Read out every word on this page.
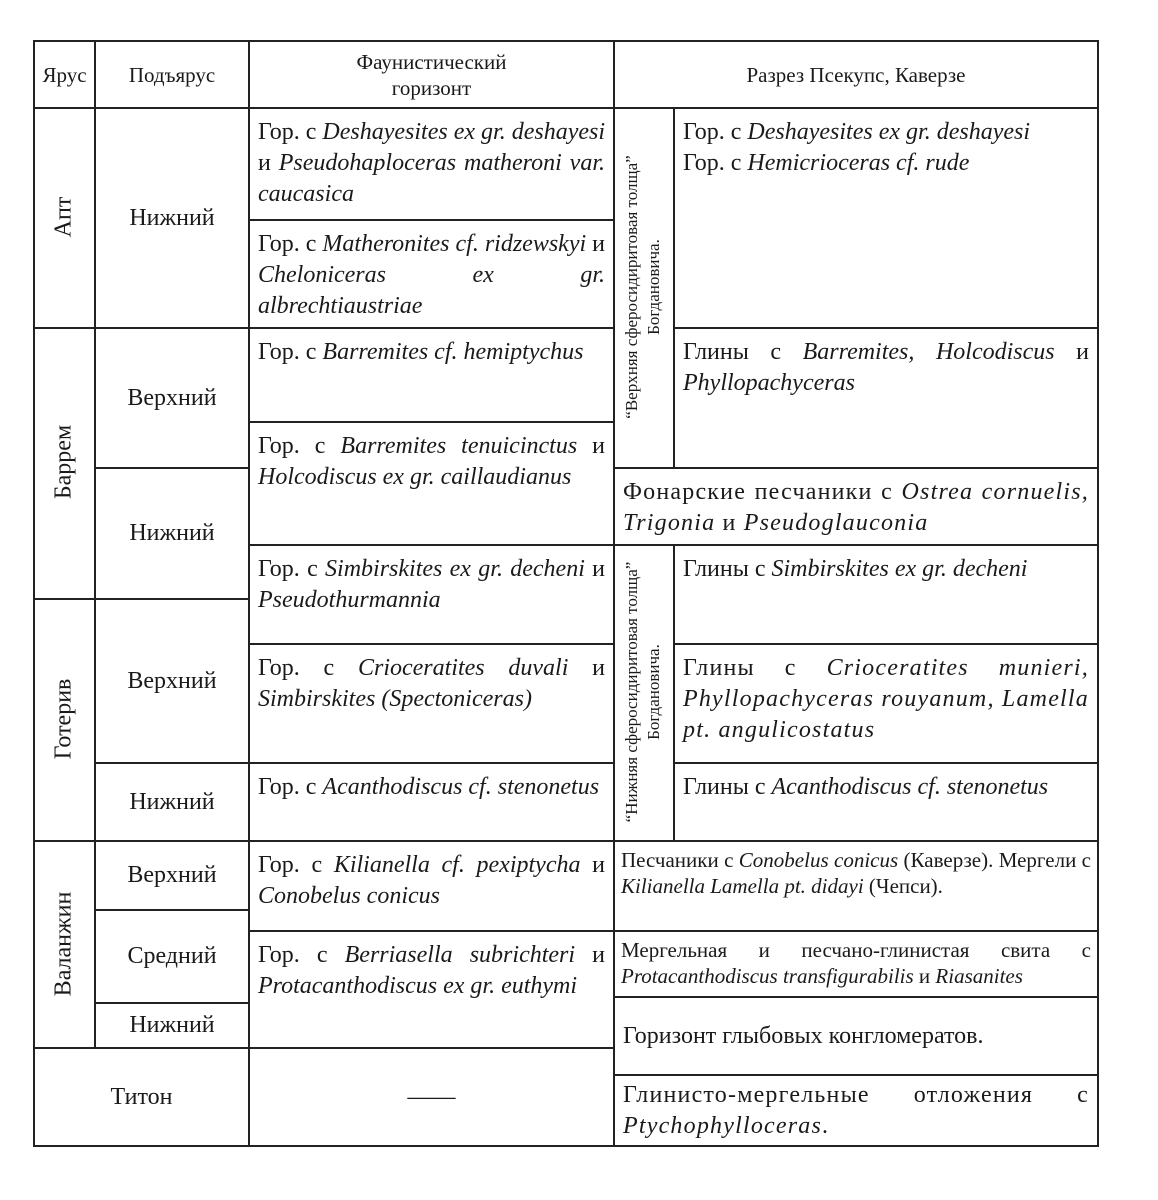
Ярус	Подъярус
Фаунистический
горизонт
Разрез Псекупс, Каверзе
Апт
Баррем
Готерив
Валанжин
Титон
Нижний
Верхний
Нижний
Верхний
Нижний
Верхний
Средний
Нижний
Гор. с Deshayesites ex gr. deshayesi и Pseudohaploceras matheroni var. caucasica
Гор. с Matheronites cf. ridzewskyi и Cheloniceras ex gr. albrechtiaustriae
Гор. с Barremites cf. hemiptychus
Гор. с Barremites tenuicinctus и Holcodiscus ex gr. caillaudianus
Гор. с Simbirskites ex gr. decheni и Pseudothurmannia
Гор. с Crioceratites duvali и Simbirskites (Spectoniceras)
Гор. с Acanthodiscus cf. stenonetus
Гор. с Kilianella cf. pexiptycha и Conobelus conicus
Гор. с Berriasella subrichteri и Protacanthodiscus ex gr. euthymi
——
“Верхняя сферосидиритовая толща” Богдановича.
“Нижняя сферосидиритовая толща” Богдановича.
Гор. с Deshayesites ex gr. deshayesi
Гор. с Hemicrioceras cf. rude
Глины с Barremites, Holcodiscus и Phyllopachyceras
Фонарские песчаники с Ostrea cornuelis, Trigonia и Pseudoglauconia
Глины с Simbirskites ex gr. decheni
Глины с Crioceratites munieri, Phyllopachyceras rouyanum, Lamella pt. angulicostatus
Глины с Acanthodiscus cf. stenonetus
Песчаники с Conobelus conicus (Каверзе). Мергели с Kilianella Lamella pt. didayi (Чепси).
Мергельная и песчано-глинистая свита с Protacanthodiscus transfigurabilis и Riasanites
Горизонт глыбовых конгломератов.
Глинисто-мергельные отложения с Ptychophylloceras.
